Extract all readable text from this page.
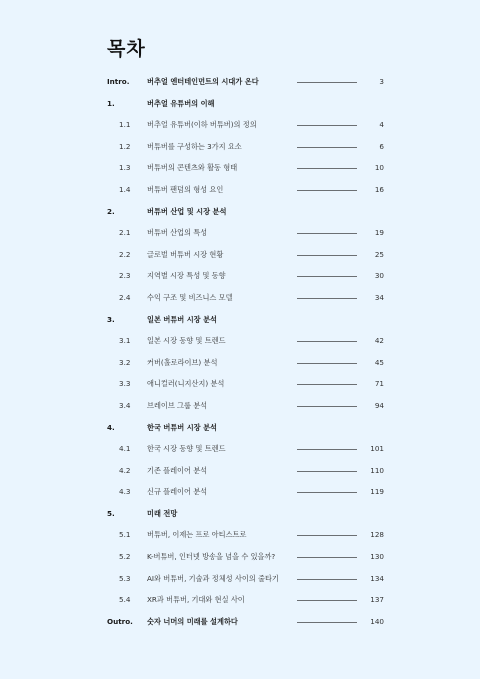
목차
Intro. 버추얼 엔터테인먼트의 시대가 온다	3
1.	버추얼 유튜버의 이해
1.1 버추얼 유튜버(이하 버튜버)의 정의	4
1.2 버튜버를 구성하는 3가지 요소	6
1.3 버튜버의 콘텐츠와 활동 형태	10
1.4 버튜버 팬덤의 형성 요인	16
2.	버튜버 산업 및 시장 분석
2.1 버튜버 산업의 특성	19
2.2 글로벌 버튜버 시장 현황	25
2.3 지역별 시장 특성 및 동향	30
2.4 수익 구조 및 비즈니스 모델	34
3.	일본 버튜버 시장 분석
3.1 일본 시장 동향 및 트렌드	42
3.2 커버(홀로라이브) 분석	45
3.3 애니컬러(니지산지) 분석	71
3.4 브레이브 그룹 분석	94
4.	한국 버튜버 시장 분석
4.1 한국 시장 동향 및 트렌드	101
4.2 기존 플레이어 분석	110
4.3 신규 플레이어 분석	119
5.	미래 전망
5.1 버튜버, 이제는 프로 아티스트로	128
5.2 K-버튜버, 인터넷 방송을 넘을 수 있을까?	130
5.3 AI와 버튜버, 기술과 정체성 사이의 줄타기	134
5.4 XR과 버튜버, 기대와 현실 사이	137
Outro. 숫자 너머의 미래를 설계하다	140
